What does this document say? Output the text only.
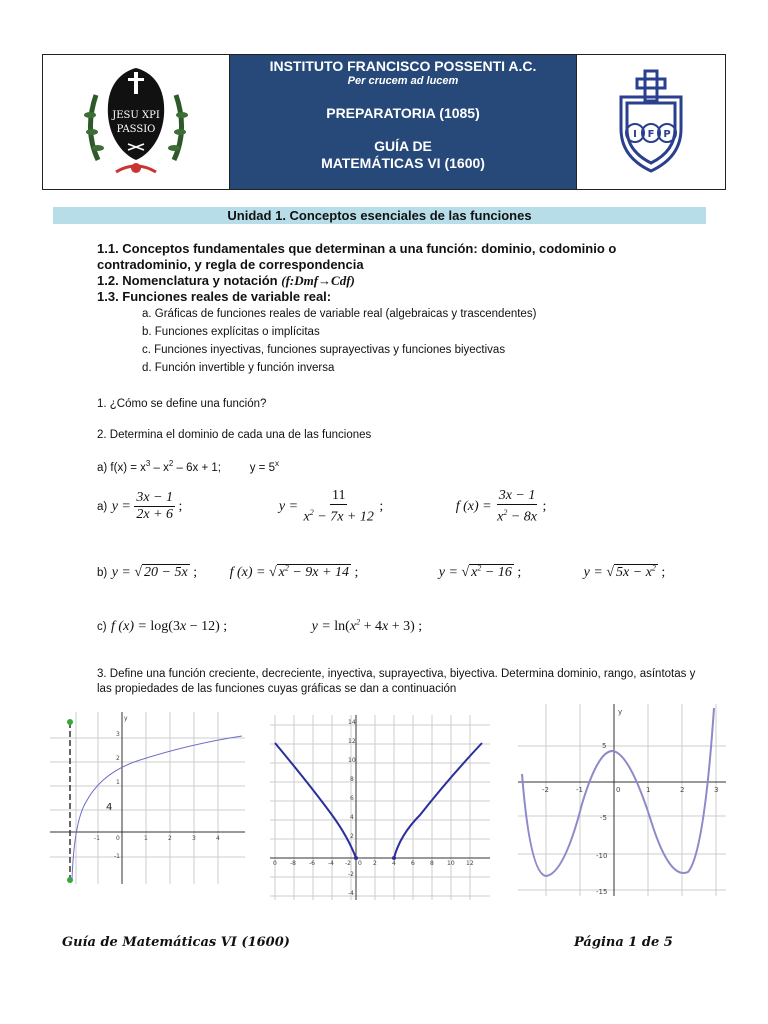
JESU XPI
PASSIO
INSTITUTO FRANCISCO POSSENTI A.C.
Per crucem ad lucem
PREPARATORIA (1085)
GUÍA DE
MATEMÁTICAS VI (1600)
I F P
Unidad 1. Conceptos esenciales de las funciones
1.1. Conceptos fundamentales que determinan a una función: dominio, codominio o contradominio, y regla de correspondencia
1.2. Nomenclatura y notación (f:Dmf→Cdf)
1.3. Funciones reales de variable real:
a. Gráficas de funciones reales de variable real (algebraicas y trascendentes)
b. Funciones explícitas o implícitas
c. Funciones inyectivas, funciones suprayectivas y funciones biyectivas
d. Función invertible y función inversa
1. ¿Cómo se define una función?
2. Determina el dominio de cada una de las funciones
a) $f(x) = x^3 - x^2 - 6x + 1$;         $y = 5^x$
a) $y = \frac{3x - 1}{2x + 6}$ ;	$y = \frac{11}{x^2 - 7x + 12}$ ;	f $(x) = \frac{3x - 1}{x^2 - 8x}$ ;
b) y = √ 20 − 5x ; f (x) = √ $x^2 - 9x + 14$ ;	y = √ $x^2 - 16$ ;	y = √ $5x - x^2$ ;
c) f (x) = log(3x − 12) ;	$y = \ln(x^2 + 4x + 3)$ ;
3. Define una función creciente, decreciente, inyectiva, suprayectiva, biyectiva. Determina dominio, rango, asíntotas y las propiedades de las funciones cuyas gráficas se dan a continuación
y
3
2
1
-1
-1	0	1	2	3	4
4
14
12
10
8
6
4
2
-2
-4
0 -8 -6 -4 -2 0 2	4	6	8 10 12
y
5
-5
-10
-15
-2	-1	0	1	2	3
Guía de Matemáticas VI (1600)	Página 1 de 5
